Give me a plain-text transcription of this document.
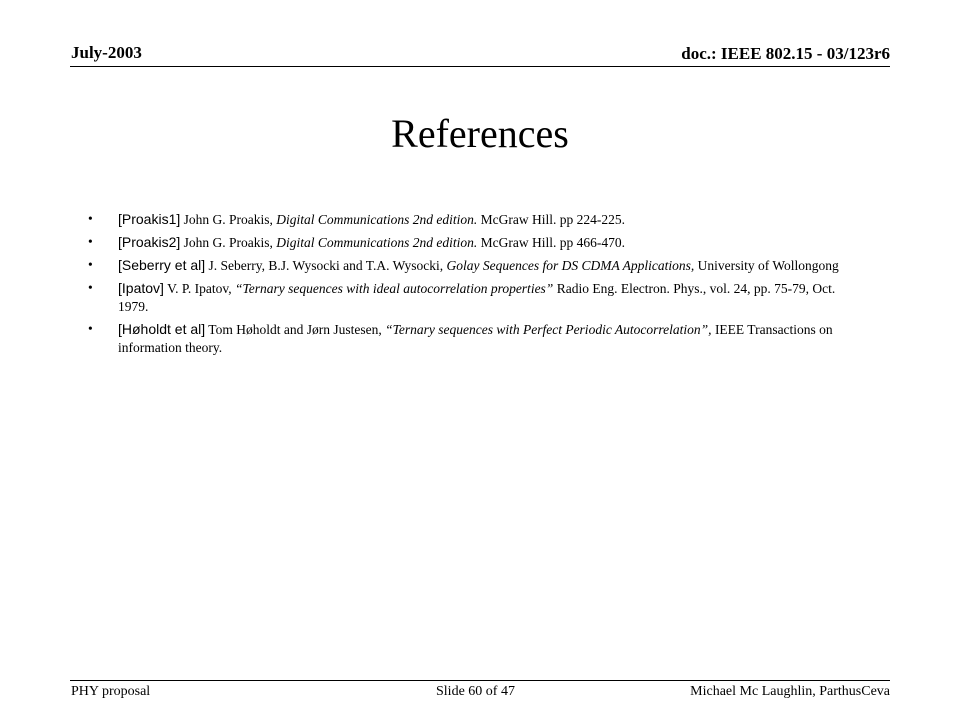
July-2003	doc.: IEEE 802.15 - 03/123r6
References
• [Proakis1] John G. Proakis, Digital Communications 2nd edition. McGraw Hill. pp 224-225.
• [Proakis2] John G. Proakis, Digital Communications 2nd edition. McGraw Hill. pp 466-470.
• [Seberry et al] J. Seberry, B.J. Wysocki and T.A. Wysocki, Golay Sequences for DS CDMA Applications, University of Wollongong
• [Ipatov] V. P. Ipatov, “Ternary sequences with ideal autocorrelation properties” Radio Eng. Electron. Phys., vol. 24, pp. 75-79, Oct. 1979.
• [Høholdt et al] Tom Høholdt and Jørn Justesen, “Ternary sequences with Perfect Periodic Autocorrelation”, IEEE Transactions on information theory.
PHY proposal	Slide 60 of 47	Michael Mc Laughlin, ParthusCeva
